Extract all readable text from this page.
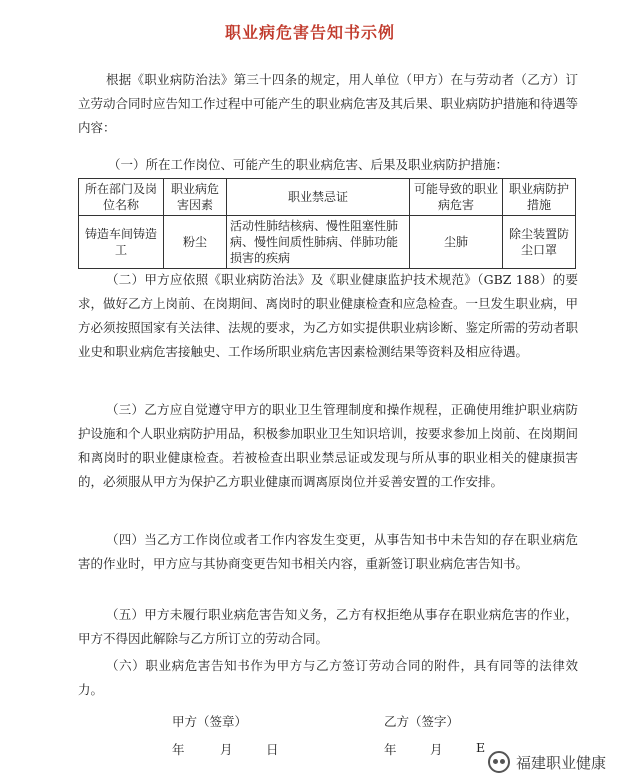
职业病危害告知书示例

根据《职业病防治法》第三十四条的规定，用人单位（甲方）在与劳动者（乙方）订立劳动合同时应告知工作过程中可能产生的职业病危害及其后果、职业病防护措施和待遇等内容：

（一）所在工作岗位、可能产生的职业病危害、后果及职业病防护措施：
所在部门及岗位名称	职业病危害因素	职业禁忌证	可能导致的职业病危害	职业病防护措施
铸造车间铸造工	粉尘	活动性肺结核病、慢性阻塞性肺病、慢性间质性肺病、伴肺功能损害的疾病	尘肺	除尘装置防尘口罩

（二）甲方应依照《职业病防治法》及《职业健康监护技术规范》（GBZ 188）的要求，做好乙方上岗前、在岗期间、离岗时的职业健康检查和应急检查。一旦发生职业病，甲方必须按照国家有关法律、法规的要求，为乙方如实提供职业病诊断、鉴定所需的劳动者职业史和职业病危害接触史、工作场所职业病危害因素检测结果等资料及相应待遇。

（三）乙方应自觉遵守甲方的职业卫生管理制度和操作规程，正确使用维护职业病防护设施和个人职业病防护用品，积极参加职业卫生知识培训，按要求参加上岗前、在岗期间和离岗时的职业健康检查。若被检查出职业禁忌证或发现与所从事的职业相关的健康损害的，必须服从甲方为保护乙方职业健康而调离原岗位并妥善安置的工作安排。

（四）当乙方工作岗位或者工作内容发生变更，从事告知书中未告知的存在职业病危害的作业时，甲方应与其协商变更告知书相关内容，重新签订职业病危害告知书。

（五）甲方未履行职业病危害告知义务，乙方有权拒绝从事存在职业病危害的作业，甲方不得因此解除与乙方所订立的劳动合同。

（六）职业病危害告知书作为甲方与乙方签订劳动合同的附件，具有同等的法律效力。

甲方（签章）	乙方（签字）
年	月	日	年	月	E
福建职业健康
